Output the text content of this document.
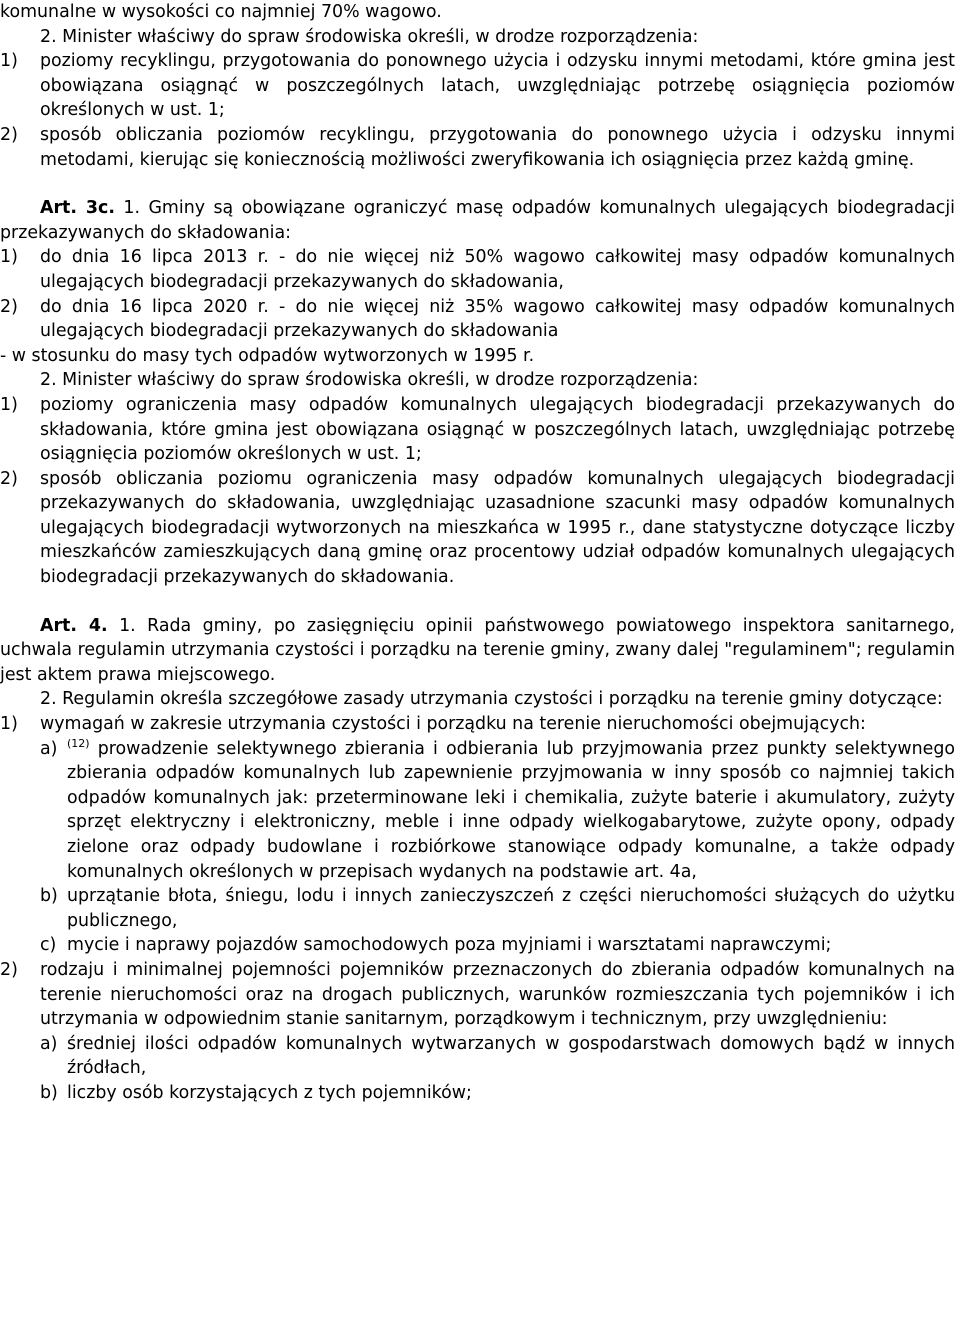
komunalne w wysokości co najmniej 70% wagowo.

2. Minister właściwy do spraw środowiska określi, w drodze rozporządzenia:

1)	poziomy recyklingu, przygotowania do ponownego użycia i odzysku innymi metodami, które gmina jest obowiązana osiągnąć w poszczególnych latach, uwzględniając potrzebę osiągnięcia poziomów określonych w ust. 1;
2)	sposób obliczania poziomów recyklingu, przygotowania do ponownego użycia i odzysku innymi metodami, kierując się koniecznością możliwości zweryfikowania ich osiągnięcia przez każdą gminę.

Art. 3c. 1. Gminy są obowiązane ograniczyć masę odpadów komunalnych ulegających biodegradacji przekazywanych do składowania:

1)	do dnia 16 lipca 2013 r. - do nie więcej niż 50% wagowo całkowitej masy odpadów komunalnych ulegających biodegradacji przekazywanych do składowania,
2)	do dnia 16 lipca 2020 r. - do nie więcej niż 35% wagowo całkowitej masy odpadów komunalnych ulegających biodegradacji przekazywanych do składowania

- w stosunku do masy tych odpadów wytworzonych w 1995 r.

2. Minister właściwy do spraw środowiska określi, w drodze rozporządzenia:

1)	poziomy ograniczenia masy odpadów komunalnych ulegających biodegradacji przekazywanych do składowania, które gmina jest obowiązana osiągnąć w poszczególnych latach, uwzględniając potrzebę osiągnięcia poziomów określonych w ust. 1;
2)	sposób obliczania poziomu ograniczenia masy odpadów komunalnych ulegających biodegradacji przekazywanych do składowania, uwzględniając uzasadnione szacunki masy odpadów komunalnych ulegających biodegradacji wytworzonych na mieszkańca w 1995 r., dane statystyczne dotyczące liczby mieszkańców zamieszkujących daną gminę oraz procentowy udział odpadów komunalnych ulegających biodegradacji przekazywanych do składowania.

Art. 4. 1. Rada gminy, po zasięgnięciu opinii państwowego powiatowego inspektora sanitarnego, uchwala regulamin utrzymania czystości i porządku na terenie gminy, zwany dalej "regulaminem"; regulamin jest aktem prawa miejscowego.

2. Regulamin określa szczegółowe zasady utrzymania czystości i porządku na terenie gminy dotyczące:

1)	wymagań w zakresie utrzymania czystości i porządku na terenie nieruchomości obejmujących:
a) $^{(12)}$ prowadzenie selektywnego zbierania i odbierania lub przyjmowania przez punkty selektywnego zbierania odpadów komunalnych lub zapewnienie przyjmowania w inny sposób co najmniej takich odpadów komunalnych jak: przeterminowane leki i chemikalia, zużyte baterie i akumulatory, zużyty sprzęt elektryczny i elektroniczny, meble i inne odpady wielkogabarytowe, zużyte opony, odpady zielone oraz odpady budowlane i rozbiórkowe stanowiące odpady komunalne, a także odpady komunalnych określonych w przepisach wydanych na podstawie art. 4a,
b) uprzątanie błota, śniegu, lodu i innych zanieczyszczeń z części nieruchomości służących do użytku publicznego,
c) mycie i naprawy pojazdów samochodowych poza myjniami i warsztatami naprawczymi;
2)	rodzaju i minimalnej pojemności pojemników przeznaczonych do zbierania odpadów komunalnych na terenie nieruchomości oraz na drogach publicznych, warunków rozmieszczania tych pojemników i ich utrzymania w odpowiednim stanie sanitarnym, porządkowym i technicznym, przy uwzględnieniu:
a) średniej ilości odpadów komunalnych wytwarzanych w gospodarstwach domowych bądź w innych źródłach,
b) liczby osób korzystających z tych pojemników;
